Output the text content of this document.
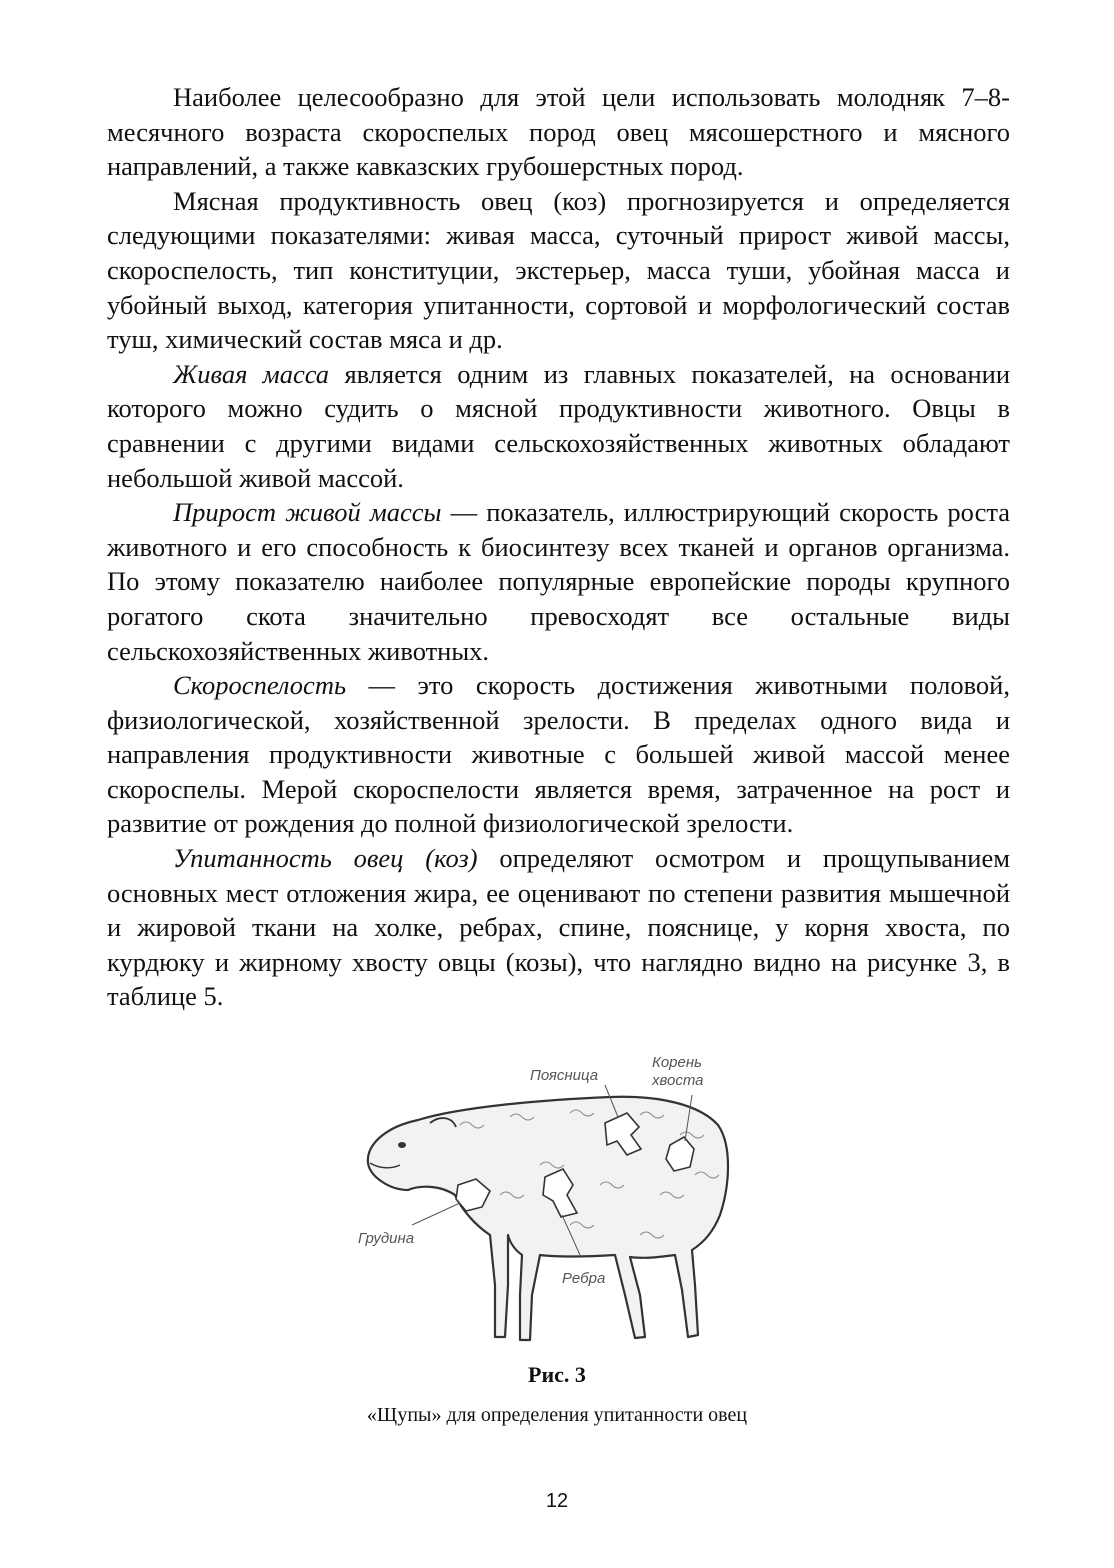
Наиболее целесообразно для этой цели использовать молодняк 7–8-месячного возраста скороспелых пород овец мясошерстного и мясного направлений, а также кавказских грубошерстных пород.

Мясная продуктивность овец (коз) прогнозируется и определяется следующими показателями: живая масса, суточный прирост живой массы, скороспелость, тип конституции, экстерьер, масса туши, убойная масса и убойный выход, категория упитанности, сортовой и морфологический состав туш, химический состав мяса и др.

Живая масса является одним из главных показателей, на основании которого можно судить о мясной продуктивности животного. Овцы в сравнении с другими видами сельскохозяйственных животных обладают небольшой живой массой.

Прирост живой массы — показатель, иллюстрирующий скорость роста животного и его способность к биосинтезу всех тканей и органов организма. По этому показателю наиболее популярные европейские породы крупного рогатого скота значительно превосходят все остальные виды сельскохозяйственных животных.

Скороспелость — это скорость достижения животными половой, физиологической, хозяйственной зрелости. В пределах одного вида и направления продуктивности животные с большей живой массой менее скороспелы. Мерой скороспелости является время, затраченное на рост и развитие от рождения до полной физиологической зрелости.

Упитанность овец (коз) определяют осмотром и прощупыванием основных мест отложения жира, ее оценивают по степени развития мышечной и жировой ткани на холке, ребрах, спине, пояснице, у корня хвоста, по курдюку и жирному хвосту овцы (козы), что наглядно видно на рисунке 3, в таблице 5.

Поясница
Корень
хвоста
Грудина
Ребра
Рис. 3
«Щупы» для определения упитанности овец
12
